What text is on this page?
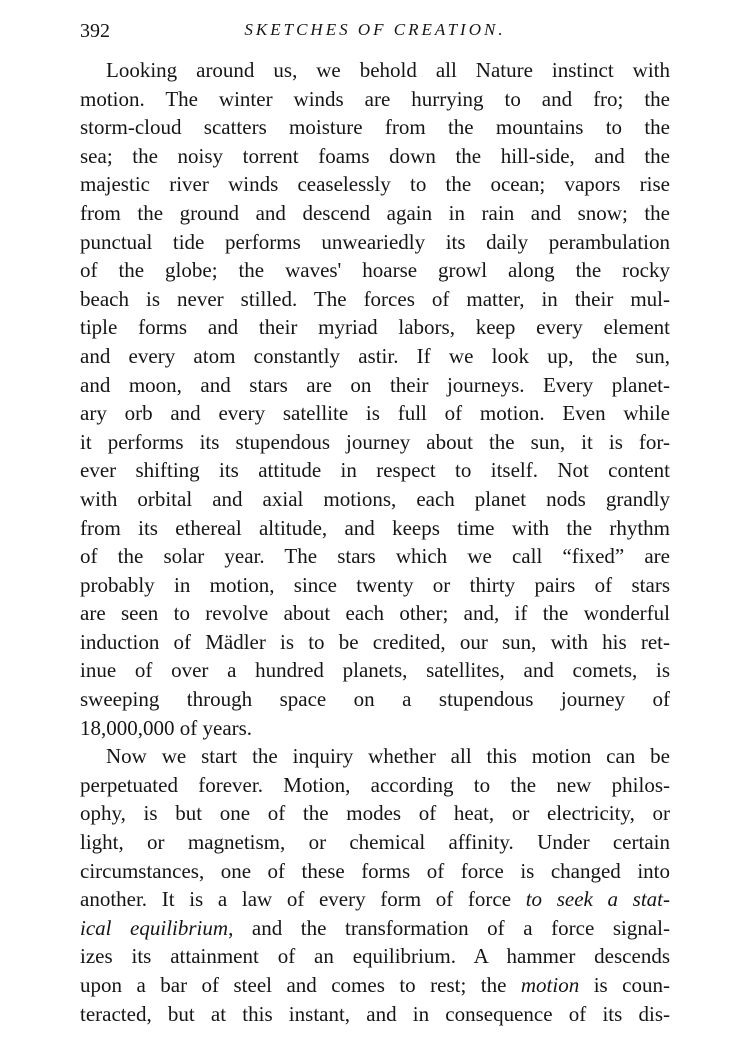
392	SKETCHES OF CREATION.
Looking around us, we behold all Nature instinct with
motion. The winter winds are hurrying to and fro; the
storm-cloud scatters moisture from the mountains to the
sea; the noisy torrent foams down the hill-side, and the
majestic river winds ceaselessly to the ocean; vapors rise
from the ground and descend again in rain and snow; the
punctual tide performs unweariedly its daily perambulation
of the globe; the waves' hoarse growl along the rocky
beach is never stilled. The forces of matter, in their mul-
tiple forms and their myriad labors, keep every element
and every atom constantly astir. If we look up, the sun,
and moon, and stars are on their journeys. Every planet-
ary orb and every satellite is full of motion. Even while
it performs its stupendous journey about the sun, it is for-
ever shifting its attitude in respect to itself. Not content
with orbital and axial motions, each planet nods grandly
from its ethereal altitude, and keeps time with the rhythm
of the solar year. The stars which we call “fixed” are
probably in motion, since twenty or thirty pairs of stars
are seen to revolve about each other; and, if the wonderful
induction of Mädler is to be credited, our sun, with his ret-
inue of over a hundred planets, satellites, and comets, is
sweeping through space on a stupendous journey of
18,000,000 of years.
Now we start the inquiry whether all this motion can be
perpetuated forever. Motion, according to the new philos-
ophy, is but one of the modes of heat, or electricity, or
light, or magnetism, or chemical affinity. Under certain
circumstances, one of these forms of force is changed into
another. It is a law of every form of force to seek a stat-
ical equilibrium, and the transformation of a force signal-
izes its attainment of an equilibrium. A hammer descends
upon a bar of steel and comes to rest; the motion is coun-
teracted, but at this instant, and in consequence of its dis-
